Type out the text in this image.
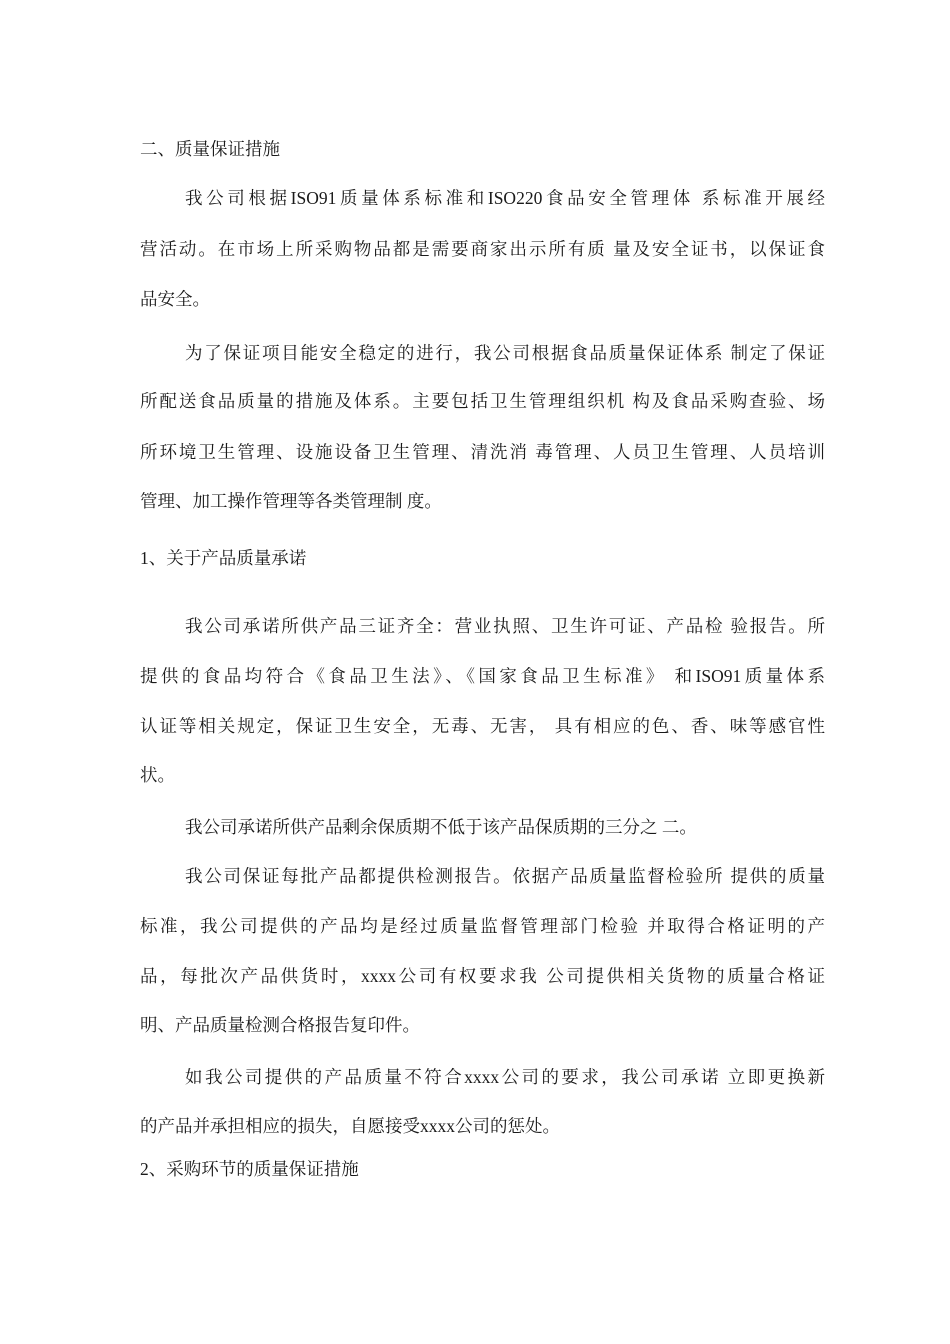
二、质量保证措施
我公司根据ISO91质量体系标准和ISO220食品安全管理体 系标准开展经
营活动。在市场上所采购物品都是需要商家出示所有质 量及安全证书，以保证食
品安全。
为了保证项目能安全稳定的进行，我公司根据食品质量保证体系 制定了保证
所配送食品质量的措施及体系。主要包括卫生管理组织机 构及食品采购查验、场
所环境卫生管理、设施设备卫生管理、清洗消 毒管理、人员卫生管理、人员培训
管理、加工操作管理等各类管理制 度。
1、关于产品质量承诺
我公司承诺所供产品三证齐全：营业执照、卫生许可证、产品检 验报告。所
提供的食品均符合《食品卫生法》、《国家食品卫生标准》 和ISO91质量体系
认证等相关规定，保证卫生安全，无毒、无害， 具有相应的色、香、味等感官性
状。
我公司承诺所供产品剩余保质期不低于该产品保质期的三分之 二。
我公司保证每批产品都提供检测报告。依据产品质量监督检验所 提供的质量
标准，我公司提供的产品均是经过质量监督管理部门检验 并取得合格证明的产
品，每批次产品供货时，xxxx公司有权要求我 公司提供相关货物的质量合格证
明、产品质量检测合格报告复印件。
如我公司提供的产品质量不符合xxxx公司的要求，我公司承诺 立即更换新
的产品并承担相应的损失，自愿接受xxxx公司的惩处。
2、采购环节的质量保证措施
